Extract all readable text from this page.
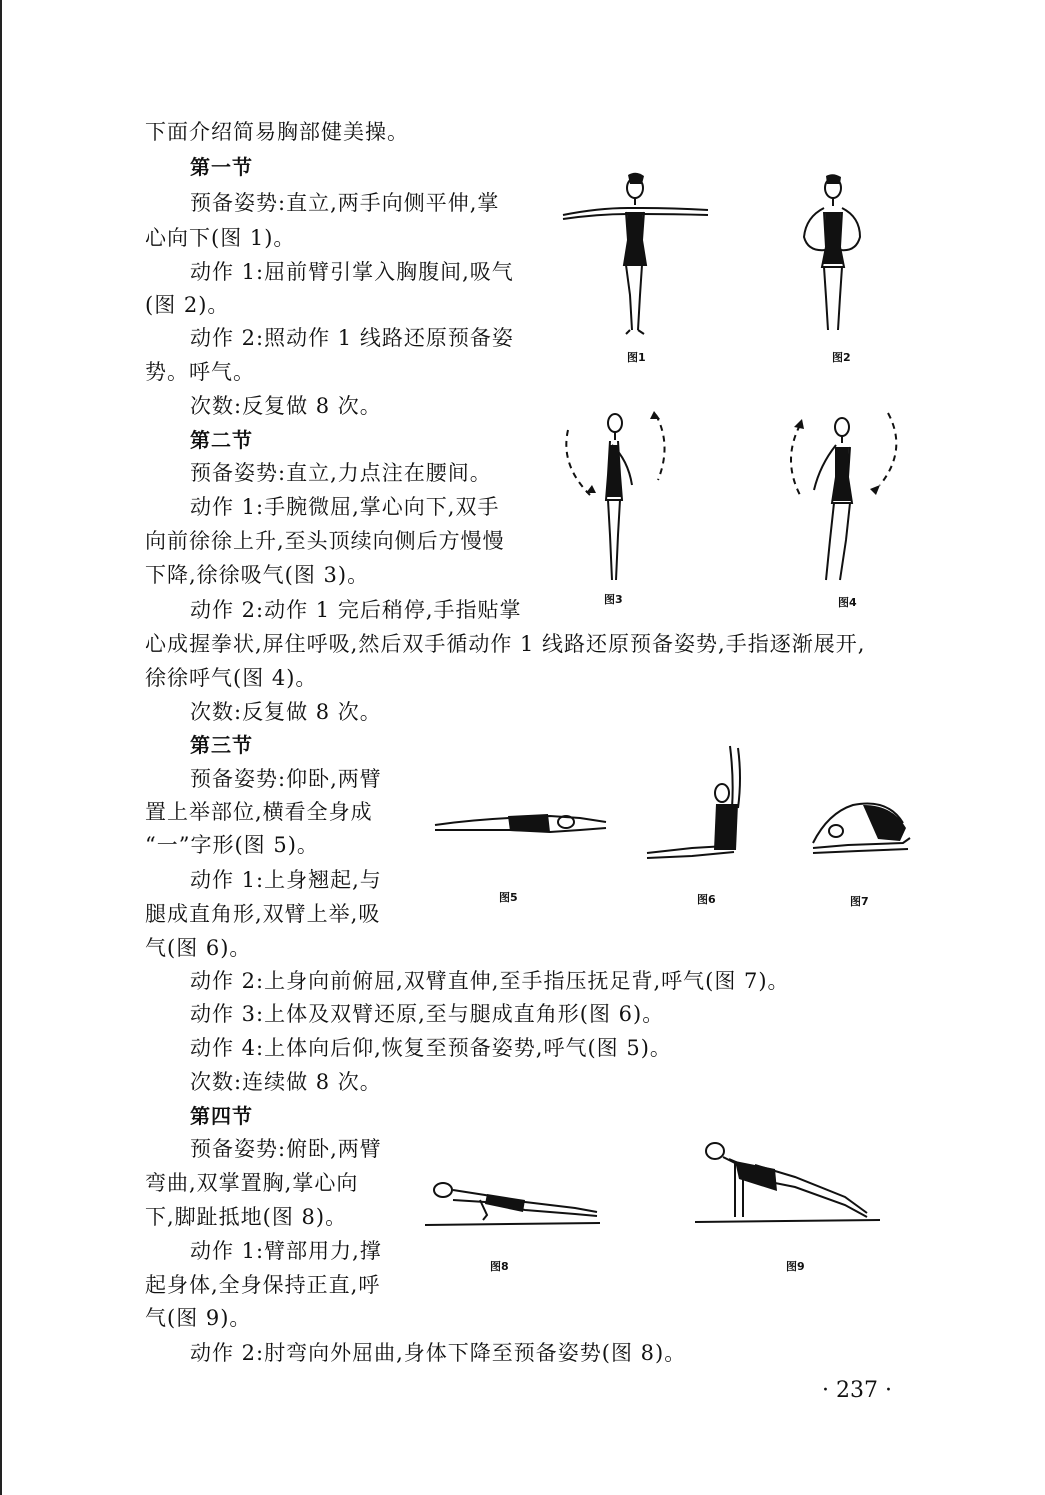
下面介绍简易胸部健美操。
第一节
预备姿势:直立,两手向侧平伸,掌
心向下(图 1)。
动作 1:屈前臂引掌入胸腹间,吸气
(图 2)。
动作 2:照动作 1 线路还原预备姿
势。呼气。
次数:反复做 8 次。
第二节
预备姿势:直立,力点注在腰间。
动作 1:手腕微屈,掌心向下,双手
向前徐徐上升,至头顶续向侧后方慢慢
下降,徐徐吸气(图 3)。
动作 2:动作 1 完后稍停,手指贴掌
心成握拳状,屏住呼吸,然后双手循动作 1 线路还原预备姿势,手指逐渐展开,
徐徐呼气(图 4)。
次数:反复做 8 次。
第三节
预备姿势:仰卧,两臂
置上举部位,横看全身成
“一”字形(图 5)。
动作 1:上身翘起,与
腿成直角形,双臂上举,吸
气(图 6)。
动作 2:上身向前俯屈,双臂直伸,至手指压抚足背,呼气(图 7)。
动作 3:上体及双臂还原,至与腿成直角形(图 6)。
动作 4:上体向后仰,恢复至预备姿势,呼气(图 5)。
次数:连续做 8 次。
第四节
预备姿势:俯卧,两臂
弯曲,双掌置胸,掌心向
下,脚趾抵地(图 8)。
动作 1:臂部用力,撑
起身体,全身保持正直,呼
气(图 9)。
动作 2:肘弯向外屈曲,身体下降至预备姿势(图 8)。
图1	图2
图3	图4
图5	图6	图7
图8	图9
· 237 ·
